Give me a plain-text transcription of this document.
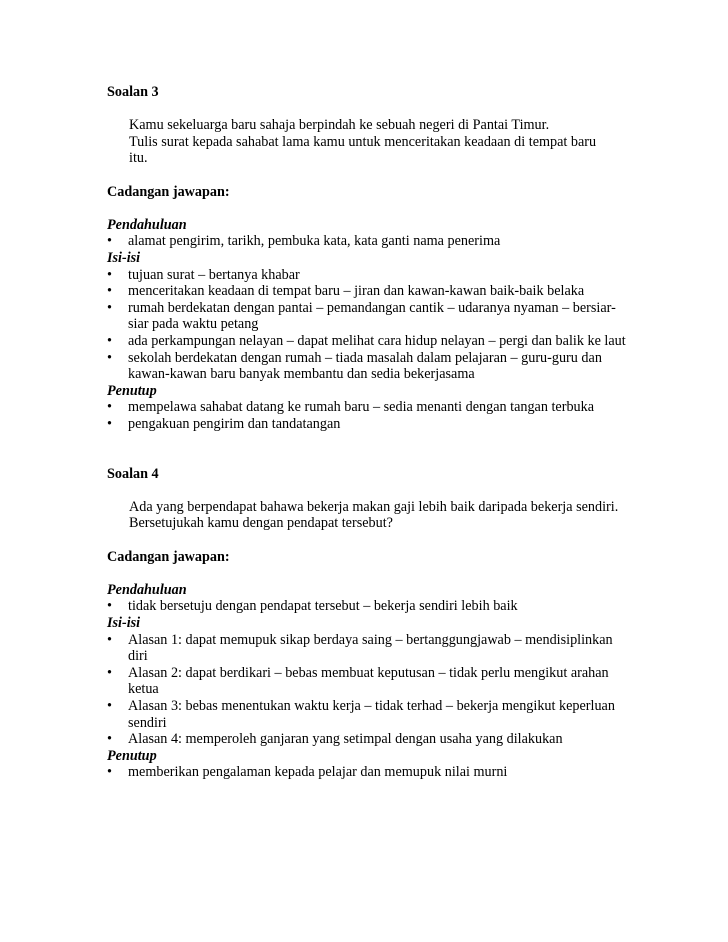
Soalan 3
Kamu sekeluarga baru sahaja berpindah ke sebuah negeri di Pantai Timur.
Tulis surat kepada sahabat lama kamu untuk menceritakan keadaan di tempat baru
itu.
Cadangan jawapan:
Pendahuluan
• alamat pengirim, tarikh, pembuka kata, kata ganti nama penerima
Isi-isi
• tujuan surat – bertanya khabar
• menceritakan keadaan di tempat baru – jiran dan kawan-kawan baik-baik belaka
• rumah berdekatan dengan pantai – pemandangan cantik – udaranya nyaman – bersiar-siar pada waktu petang
• ada perkampungan nelayan – dapat melihat cara hidup nelayan – pergi dan balik ke laut
• sekolah berdekatan dengan rumah – tiada masalah dalam pelajaran – guru-guru dan kawan-kawan baru banyak membantu dan sedia bekerjasama
Penutup
• mempelawa sahabat datang ke rumah baru – sedia menanti dengan tangan terbuka
• pengakuan pengirim dan tandatangan
Soalan 4
Ada yang berpendapat bahawa bekerja makan gaji lebih baik daripada bekerja sendiri.
Bersetujukah kamu dengan pendapat tersebut?
Cadangan jawapan:
Pendahuluan
• tidak bersetuju dengan pendapat tersebut – bekerja sendiri lebih baik
Isi-isi
• Alasan 1: dapat memupuk sikap berdaya saing – bertanggungjawab – mendisiplinkan diri
• Alasan 2: dapat berdikari – bebas membuat keputusan – tidak perlu mengikut arahan ketua
• Alasan 3: bebas menentukan waktu kerja – tidak terhad – bekerja mengikut keperluan sendiri
• Alasan 4: memperoleh ganjaran yang setimpal dengan usaha yang dilakukan
Penutup
• memberikan pengalaman kepada pelajar dan memupuk nilai murni
